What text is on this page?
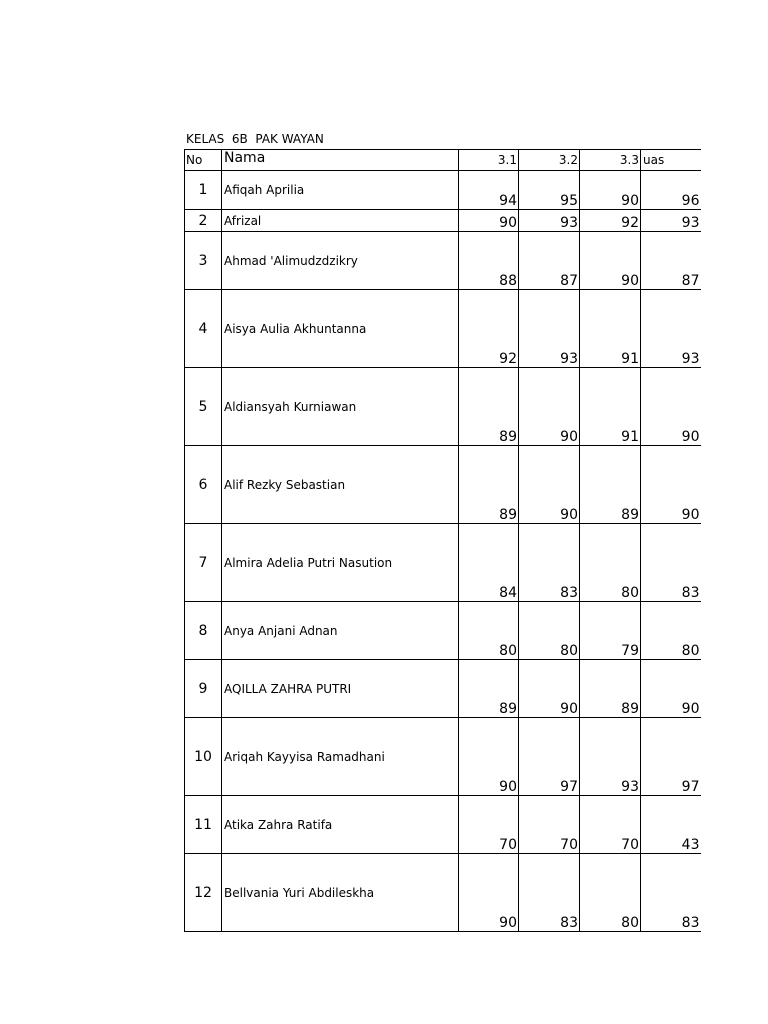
KELAS  6B  PAK WAYAN
No	Nama	3.1	3.2	3.3	uas
1	Afiqah Aprilia	94	95	90	96
2	Afrizal	90	93	92	93
3	Ahmad 'Alimudzdzikry	88	87	90	87
4	Aisya Aulia Akhuntanna	92	93	91	93
5	Aldiansyah Kurniawan	89	90	91	90
6	Alif Rezky Sebastian	89	90	89	90
7	Almira Adelia Putri Nasution	84	83	80	83
8	Anya Anjani Adnan	80	80	79	80
9	AQILLA ZAHRA PUTRI	89	90	89	90
10	Ariqah Kayyisa Ramadhani	90	97	93	97
11	Atika Zahra Ratifa	70	70	70	43
12	Bellvania Yuri Abdileskha	90	83	80	83
